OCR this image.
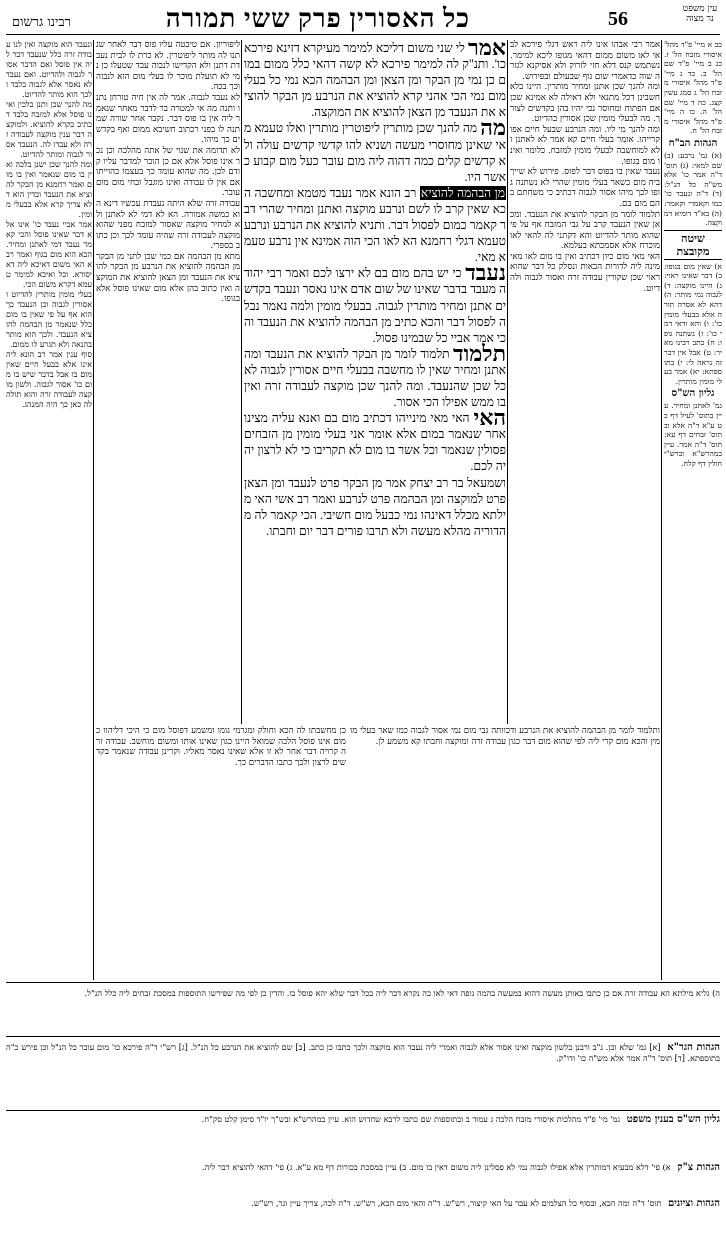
עין משפט נר מצוה
56
כל האסורין פרק ששי תמורה
רבינו גרשום

כב א מיי' פ"ד מהל' איסורי מזבח הל' ז. כג ב מיי' פ"ד שם הל' ב. כד ג מיי' פ"ד מהל' איסורי מזבח הל' ג סמג עשין קצג. כה ד מיי' שם הל' ה. כו ה מיי' פ"ד מהל' איסורי מזבח הל' ח.

הגהות הב"ח

(א) גמ' נרבע: (ב) שם למאי: (ג) תוס' ד"ה אמר כו' אלא מש"ה כל הנ"ל: (ד) ד"ה ונעבד כו' כמו וקאמרי וקאמר: (ה) בא"ד דומיא דמוקצה.

שיטה מקובצת

א) שאין מום בגופו: ב) דבר שאינו ראוי: ג) היינו מוקצה: ד) לגבוה נמי מותר: ה) דהא לא אסרה תורה אלא בבעלי מומין כו': ו) והא ודאי דמי כו': ז) נשתנה גופו: ח) כתב רבינו מאיר: ט) אבל אין דבר זה נראה לי: י) בתוספתא: יא) אמר בעלי מומין מותרין.

גליון הש"ס

גמ' לאתנן ומחיר. עיין בתוס' לעיל דף כט ע"א ד"ה אלא ובתוס' זבחים דף עא: תוס' ד"ה אמר. עיין במהרש"א וברש"י חולין דף קלח.

אמר רבי אבהו אינו ליה ראש דגלי פירכא לב אי לאו משום ממום דהאי מגופו ליכא למימר. נשתמש קנס דלא חזי לזרוק ולא אסיקנא לגזרה שוה כדאמרי שום גוף שבעולם ובפירוש.

ומה להנך שכן אתנן ומחיר מותרין. היינו בלא חשבינן דכל מתנאי ולא דאילה לא אמינא שכן אם הפתוח ומחוסר נכי יהיו בהן בקדשים לצורך. מה לבעלי מומין שכן אסורין בהדיוט.

ומה להנך מי ליו. ומה הנרבע שבעל חיים אפוקרייהו. אומר בעלי חיים קא אמר לא לאתנן ולא למוחשבה לבעלי מומין למזבח. כלומר ואינו מום בגופו.

נעבד שאין בו בפוס דבר לפוס. פירוש לא שייך ביה מום כשאר בעלי מומין שהרי לא נשתנה גופו לכך מיהו אסור לגבוה דכתיב כי משחתם בהם מום בם.

תלמוד לומר מן הבקר להוציא את הנעבד. ומכאן שאין הנעבד קרב על גבי המזבח אף על פי שהוא מותר להדיוט והא דקתני לה להאי לאו מוכרח אלא אסמכתא בעלמא.

האי מאי מום כיון דכתיב ואין בו מום לאו מאי מינה ליה לדורות הבאות ונסלק כל דבר שהוא ראוי שכן שקורין עבודה זרה ואסור לגבוה ולהדיוט.

אמר לי שני משום דליכא למימר מעיקרא דזינא פירכא כו'. ותנ"ק לה למימר פירכא לא קשה דהאי כלל ממום במום כן נמי מן הבקר ומן הצאן ומן הבהמה הכא נמי כל בעלי מום נמי הכי אהני קרא להוציא את הנרבע מן הבקר להוציא את הנעבד מן הצאן להוציא את המוקצה.

מה מה להנך שכן מותרין ליפוטרין מותרין ואלו טעמא מאי שאינן מחוסרי מעשה ושניא להו קדשי קדשים עולה ולא קדשים קלים כמה דהוה ליה מום עובר כעל מום קבוע כאשר היו.

מן הבהמה להוציא רב הונא אמר נעבד מטמא ומחשבה הכא שאין קרב לו לשם ונרבע מוקצה ואתנן ומחיר שהרי דבר קאמר כמום לפסול דבר. ותניא להוציא את הנרבע ונרבע טעמא דגלי רחמנא הא לאו הכי הוה אמינא אין נרבע טעמא מאי.

נעבד כי יש בהם מום בם לא ירצו לכם ואמר רבי יהודה מעבד בדבר שאינו של שום אדם אינו נאסר ונעבד בקדשים אתנן ומחיר מותרין לגבוה. בבעלי מומין ולמה נאמר נבלה לפסול דבר והכא כתיב מן הבהמה להוציא את הנעבד והכי אמר אביי כל שבמינו פסול.

תלמוד תלמוד לומר מן הבקר להוציא את הנעבד ומה אתנן ומחיר שאין לו מחשבה בבעלי חיים אסורין לגבוה לא כל שכן שהנעבד. ומה להנך שכן מוקצה לעבודה זרה ואין בו ממש אפילו הכי אסור.

האי האי מאי מינייהו דכתיב מום בם ואנא עליה מצינו אחר שנאמר במום אלא אומר אני בעלי מומין מן הזבחים פסולין שנאמר וכל אשר בו מום לא תקריבו כי לא לרצון יהיה לכם.

ושמעאל בר רב יצחק אמר מן הבקר פרט לנעבד ומן הצאן פרט למוקצה ומן הבהמה פרט לנרבע ואמר רב אשי האי מילתא מכלל דאינהו נמי כבעל מום חשיבי. הכי קאמר לה מהדוריה מהלא מעשה ולא תרבו פורים דבר יום וחבתו.

ליפוריון. אם טיבטה עליו פוס דבר לאחר שנתנו לה מותר ליפוטרין. לא כרת לו לבית נעבדת דתנן ולא הקדישו לנבוה עבד שטעלו כן נמי לא תועלת מוכר לו בעלי מום הוא לנבוה וכך בכה.

לא נעבד לנבוה. אמר לה אין חיה טורחן נתנו ותנה מה אי למטרה בר לדבר מאחר שנאמר ליה אין בו פוס דבר. נקבר אחר שורה שמתנה לו בפני רכתוב חשיבא ממום ואף בקדשים כך מיהו.

לא תדומה את שנוי של אתה מהלכה וכן נכר אינו פוסל אלא אם כן הוכר למדבר עליו קודם לכן. מה שהוא עומד כך בעצמו כהוייתו אם אין לו עבודה ואינו מוגבל ובחי מום מום עובר.

עבודה זרה שלא היתה נעבדת עכשיו דינא הוא כמשה אמורה. הא לא דמי לא לאתנן ולא למחיר מוקצה שאסור למזבח מפני שהוא מוקצה לעבודה זרה שהיה עומד לכך וכן כתוב בספרי.

מתא מן הבהמה אם כמי שכן לתני מן הבקר מן הבהמה להוציא את הנרבע מן הבקר להוציא את הנעבד ומן הצאן להוציא את המוקצה ואין כתוב בהן אלא מום שאינו פוסל אלא בגופו.

ונעבד הוא מוקצה ואין לנו עבודה זרה כלל שנעבד דבר ליה אין פוסל ואם הדבר אסור לגבוה ולהדיוט. ואם נעבד לא נאסר אלא לגבוה בלבד ולכך הוא מותר להדיוט.

מה להנך שכן ותנן בלכין ואינו פוסל אלא למזבח בלבד דכתיב בקרא להוציא. ולמוקצה דבר ענין מוקצה לעבודה זרה ולא עבדו לה. הנעבד אסור לגבוה ומותר להדיוט.

ומה להנך שכן ישנן בלכה ואין בו מום שנאמר ואין בו מום ואמר רחמנא מן הבקר להוציא את הנעבד ובדין הוא דלא צריך קרא אלא בבעלי מומין.

אמר אביי נעבד כו' אינו אלא דבר שאינו פוסל והכי קאמר נעבד דמי לאתנן ומחיר. הכא הוא מום בגוף ואמר רבא האי משום דאיכא ליה דאיסורא. וכל ואיכא למימר טעמא דקרא משום הכי.

בעלי מומין מותרין להדיוט ואסורין לגבוה וכן הנעבד כך הוא אף על פי שאין בו מום כלל שנאמר מן הבהמה להוציא הנעבד. ולכך הוא מותר בהנאה ולא תגרע לו ממום.

סוף ענין אמר רב הונא ליה אינו אלא בבעל חיים שאין מום בו אבל בדבר שיש בו מום כו' אסור לגבוה. ולשון מוקצה לעבודה זרה והוא תולה לה כאן כך היה המנהג.

ותלמוד לומר מן הבהמה להוציא את הנרבע ודכוותה גבי מום נמי אסור לגבוה כמו שאר בעלי מומין והכא מום קרי ליה לפי שהוא מום דבר כגון עבודה זרה ומוקצה וחבתו קא משמע לן.

כן מחשבתו לה הכא וחולק ומגרמי גומו ומשמע דפוסל מום כי היכי דליהוו כמום אינו פוסל הלכה שמואל היינו כגון שאינו אותו ומשום מוחשב. עבודה זרה קרויה דבר אחר לא זו אלא שאינו נאסר מאליו. וקרינן עבודה שנאמר בקדשים לרצון ולכך כתבו הדברים כך.

ה) גליא מילתא הא עבודה זרה אם כן כתבו באותן מעשה דהוא במעשה בהמה גופה דאי לאו כה נקרא דבר ליה בכל דבר שלא יהא פוסל בו. והדין כן לפי מה שפירשו התוספות במסכת זבחים ליה כלל הנ"ל.
הגהות הגר"א [א] גמ' שלא וכן. נ"ב ורבנן בלשון מוקצה ואינו אסור אלא לגבוה ואמרי ליה נעבד הוא מוקצה ולכך כתבו כן כתב. [ב] שם להוציא את הנרבע כל הנ"ל. [ג] רש"י ד"ה פירכא כו' מום עובר כל הנ"ל וכן פירש כ"ה בתוספתא. [ד] תוס' ד"ה אמר אלא מש"ה כו' ודו"ק.
גליון הש"ס בענין משפט גמ' מי' פ"ד מהלכות איסורי מזבח הלכה ג עמוד ב ובתוספות שם כתבו לרבא שחדוש הוא. עיין במהרש"א ובש"ך יו"ד סימן קלט סק"ח.
הגהות צ"ק א) פי' דלא מבעיא דמותרין אלא אפילו לגבוה נמי לא פסלינן ליה משום דאין בו מום. ב) עיין במסכת בכורות דף מא ע"א. ג) פי' דהאי להוציא דבר ליה.
הגהות וציונים תוס' ד"ה ומה הכא, ובסוף כל הצלמים לא עבר על האי קיצור, רש"ש. ד"ה והאי מום הכא, רש"ש. ד"ה לכה, צריך עיין ונר, רש"ש.
